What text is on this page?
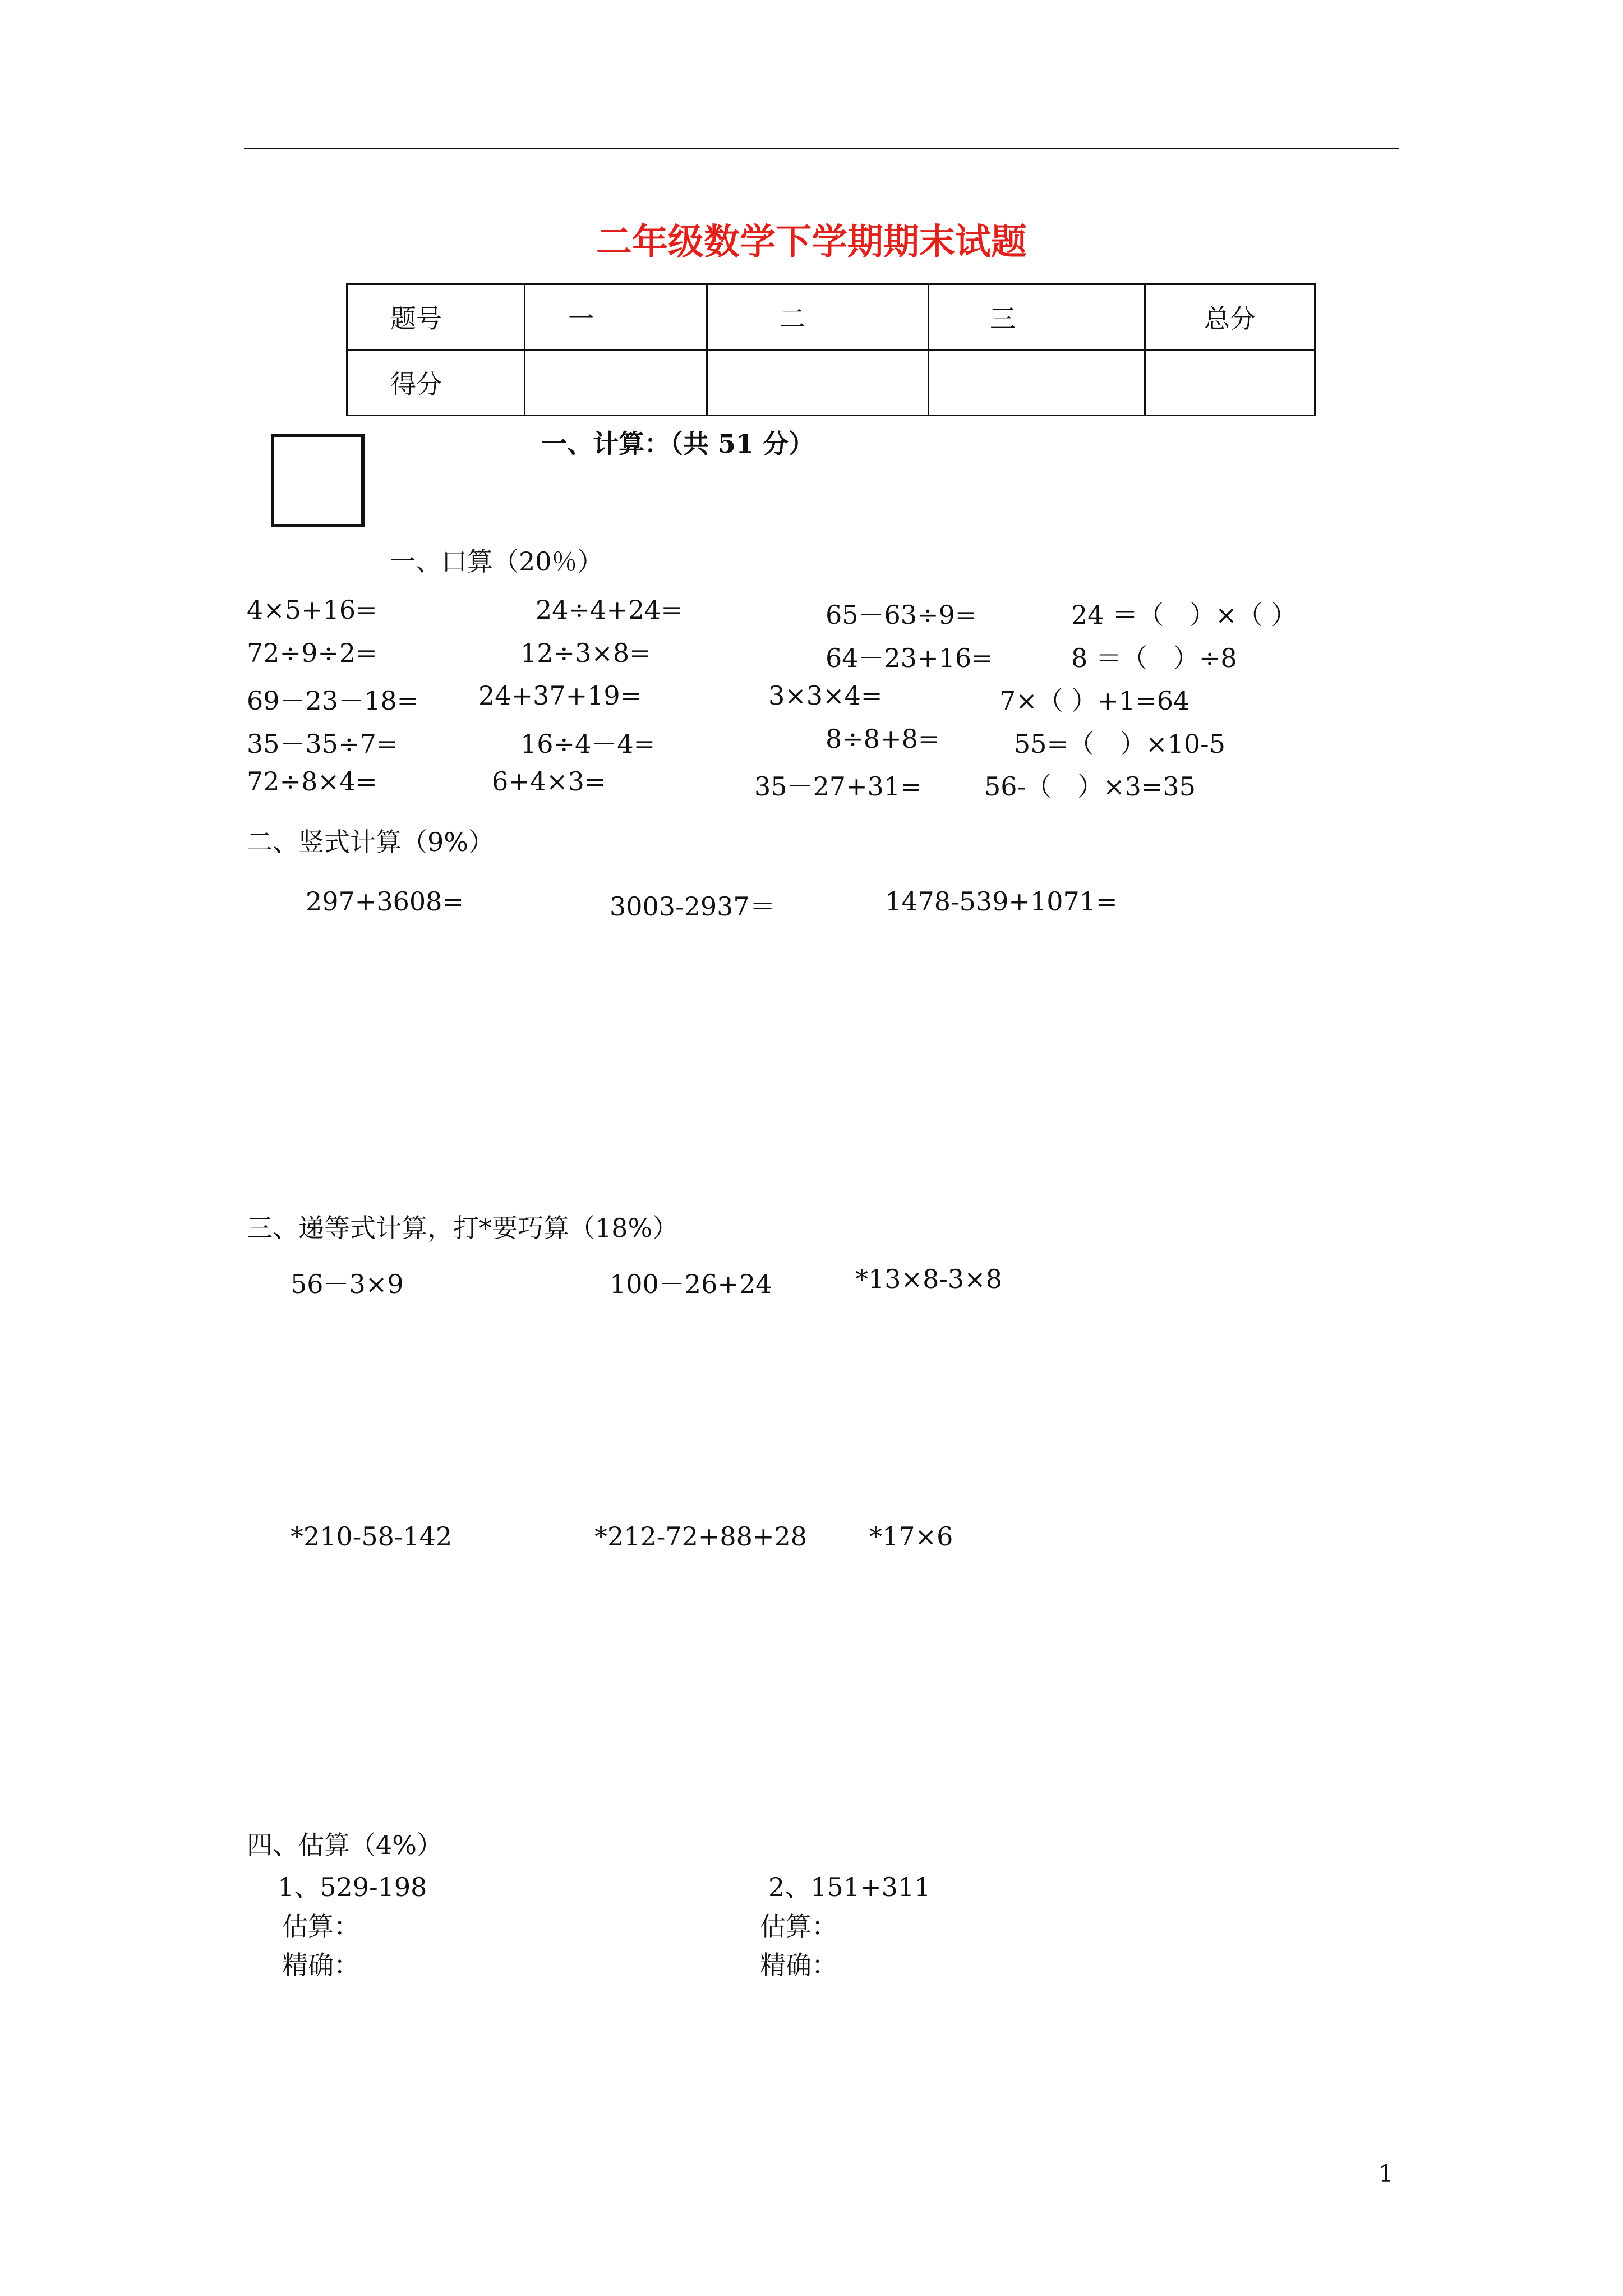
二年级数学下学期期末试题
题号	一	二	三	总分
得分				
一、计算：（共 51 分）
一、口算（20％）
4×5+16=	24÷4+24=	65－63÷9=	24 ＝（　）×（ ）
72÷9÷2=	12÷3×8=	64－23+16=	8 ＝（　）÷8
69－23－18= 24+37+19=	3×3×4=	7×（ ）+1=64
35－35÷7=	16÷4－4=	8÷8+8=	55=（　）×10-5
72÷8×4=	6+4×3=	35－27+31= 56-（　）×3=35
二、竖式计算（9%）
297+3608=	3003-2937＝	1478-539+1071=
三、递等式计算，打*要巧算（18%）
56－3×9	100－26+24	*13×8-3×8
*210-58-142	*212-72+88+28 *17×6
四、估算（4%）
1、529-198
估算：
精确：
2、151+311
估算：
精确：
1
